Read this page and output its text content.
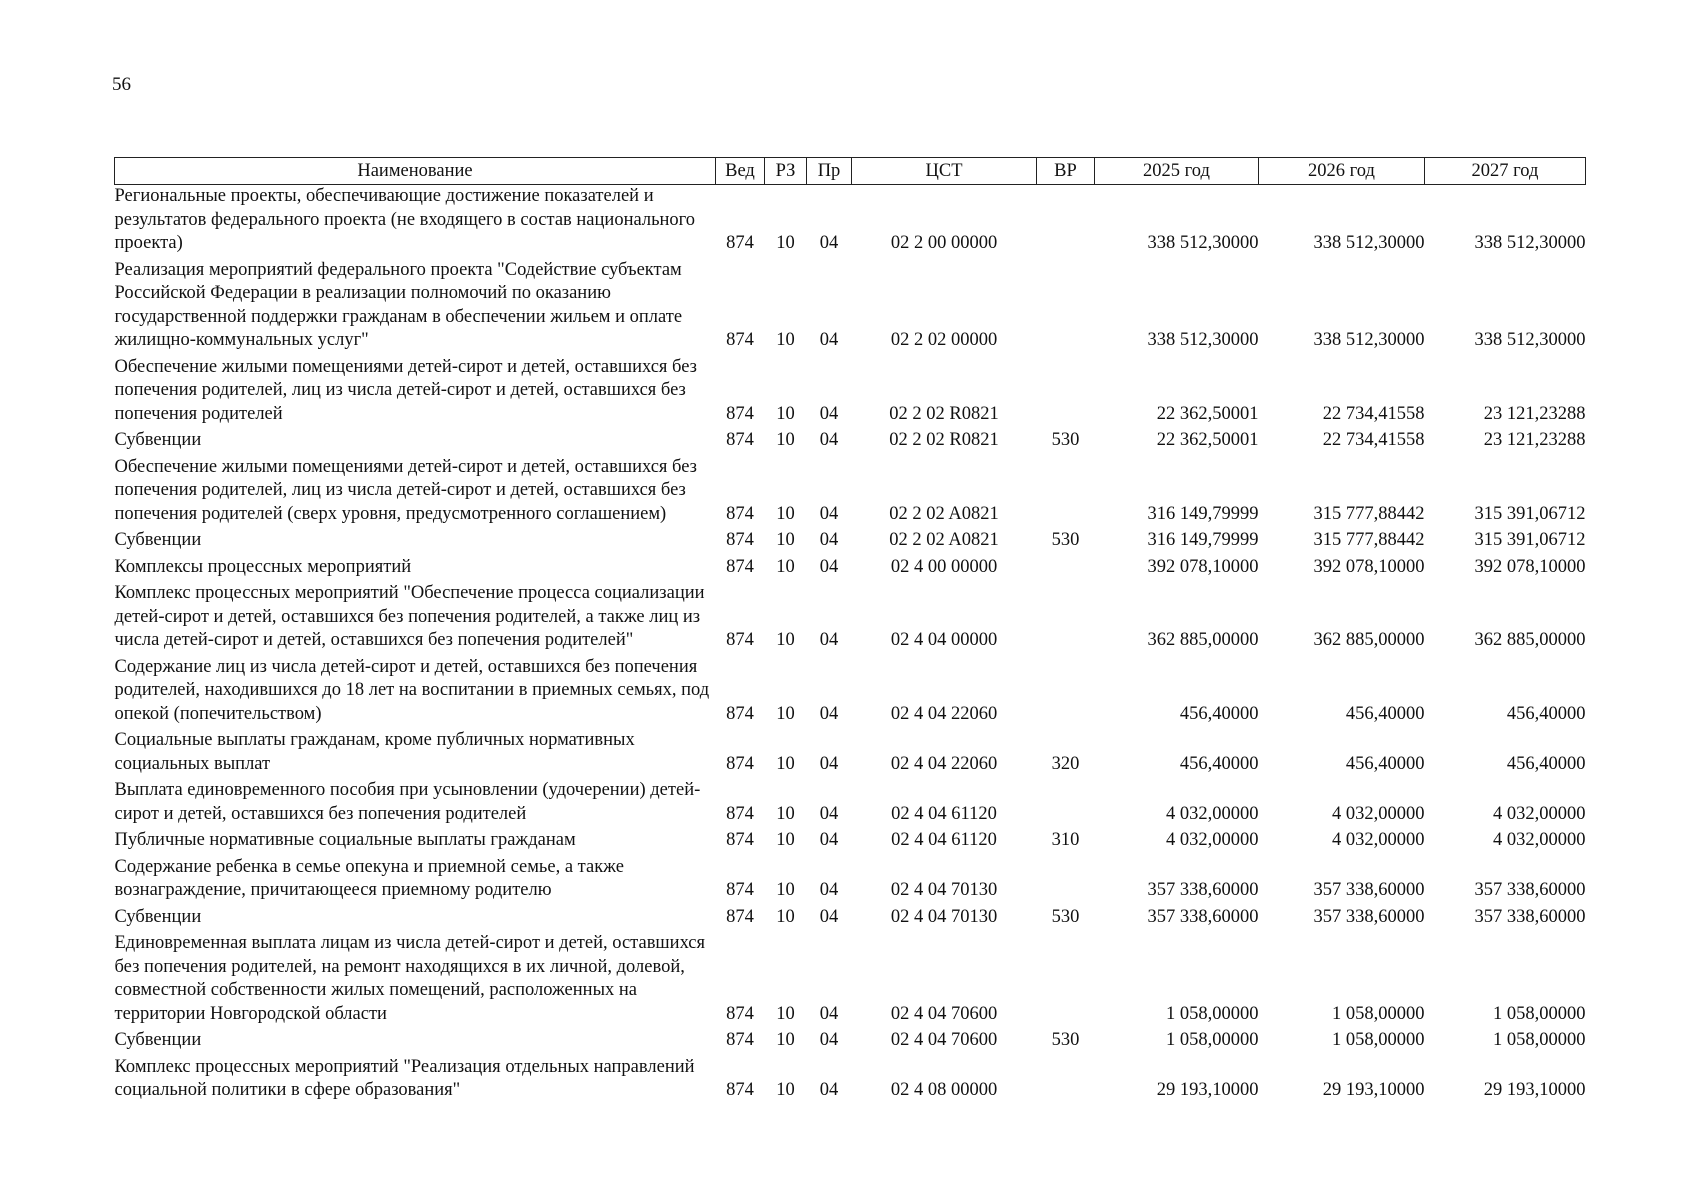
56
Наименование	Вед	РЗ	Пр	ЦСТ	ВР	2025 год	2026 год	2027 год
Региональные проекты, обеспечивающие достижение показателей и результатов федерального проекта (не входящего в состав национального проекта)	874	10	04	02 2 00 00000		338 512,30000	338 512,30000	338 512,30000
Реализация мероприятий федерального проекта "Содействие субъектам Российской Федерации в реализации полномочий по оказанию государственной поддержки гражданам в обеспечении жильем и оплате жилищно-коммунальных услуг"	874	10	04	02 2 02 00000		338 512,30000	338 512,30000	338 512,30000
Обеспечение жилыми помещениями детей-сирот и детей, оставшихся без попечения родителей, лиц из числа детей-сирот и детей, оставшихся без попечения родителей	874	10	04	02 2 02 R0821		22 362,50001	22 734,41558	23 121,23288
Субвенции	874	10	04	02 2 02 R0821	530	22 362,50001	22 734,41558	23 121,23288
Обеспечение жилыми помещениями детей-сирот и детей, оставшихся без попечения родителей, лиц из числа детей-сирот и детей, оставшихся без попечения родителей (сверх уровня, предусмотренного соглашением)	874	10	04	02 2 02 A0821		316 149,79999	315 777,88442	315 391,06712
Субвенции	874	10	04	02 2 02 A0821	530	316 149,79999	315 777,88442	315 391,06712
Комплексы процессных мероприятий	874	10	04	02 4 00 00000		392 078,10000	392 078,10000	392 078,10000
Комплекс процессных мероприятий "Обеспечение процесса социализации детей-сирот и детей, оставшихся без попечения родителей, а также лиц из числа детей-сирот и детей, оставшихся без попечения родителей"	874	10	04	02 4 04 00000		362 885,00000	362 885,00000	362 885,00000
Содержание лиц из числа детей-сирот и детей, оставшихся без попечения родителей, находившихся до 18 лет на воспитании в приемных семьях, под опекой (попечительством)	874	10	04	02 4 04 22060		456,40000	456,40000	456,40000
Социальные выплаты гражданам, кроме публичных нормативных социальных выплат	874	10	04	02 4 04 22060	320	456,40000	456,40000	456,40000
Выплата единовременного пособия при усыновлении (удочерении) детей-сирот и детей, оставшихся без попечения родителей	874	10	04	02 4 04 61120		4 032,00000	4 032,00000	4 032,00000
Публичные нормативные социальные выплаты гражданам	874	10	04	02 4 04 61120	310	4 032,00000	4 032,00000	4 032,00000
Содержание ребенка в семье опекуна и приемной семье, а также вознаграждение, причитающееся приемному родителю	874	10	04	02 4 04 70130		357 338,60000	357 338,60000	357 338,60000
Субвенции	874	10	04	02 4 04 70130	530	357 338,60000	357 338,60000	357 338,60000
Единовременная выплата лицам из числа детей-сирот и детей, оставшихся без попечения родителей, на ремонт находящихся в их личной, долевой, совместной собственности жилых помещений, расположенных на территории Новгородской области	874	10	04	02 4 04 70600		1 058,00000	1 058,00000	1 058,00000
Субвенции	874	10	04	02 4 04 70600	530	1 058,00000	1 058,00000	1 058,00000
Комплекс процессных мероприятий "Реализация отдельных направлений социальной политики в сфере образования"	874	10	04	02 4 08 00000		29 193,10000	29 193,10000	29 193,10000
